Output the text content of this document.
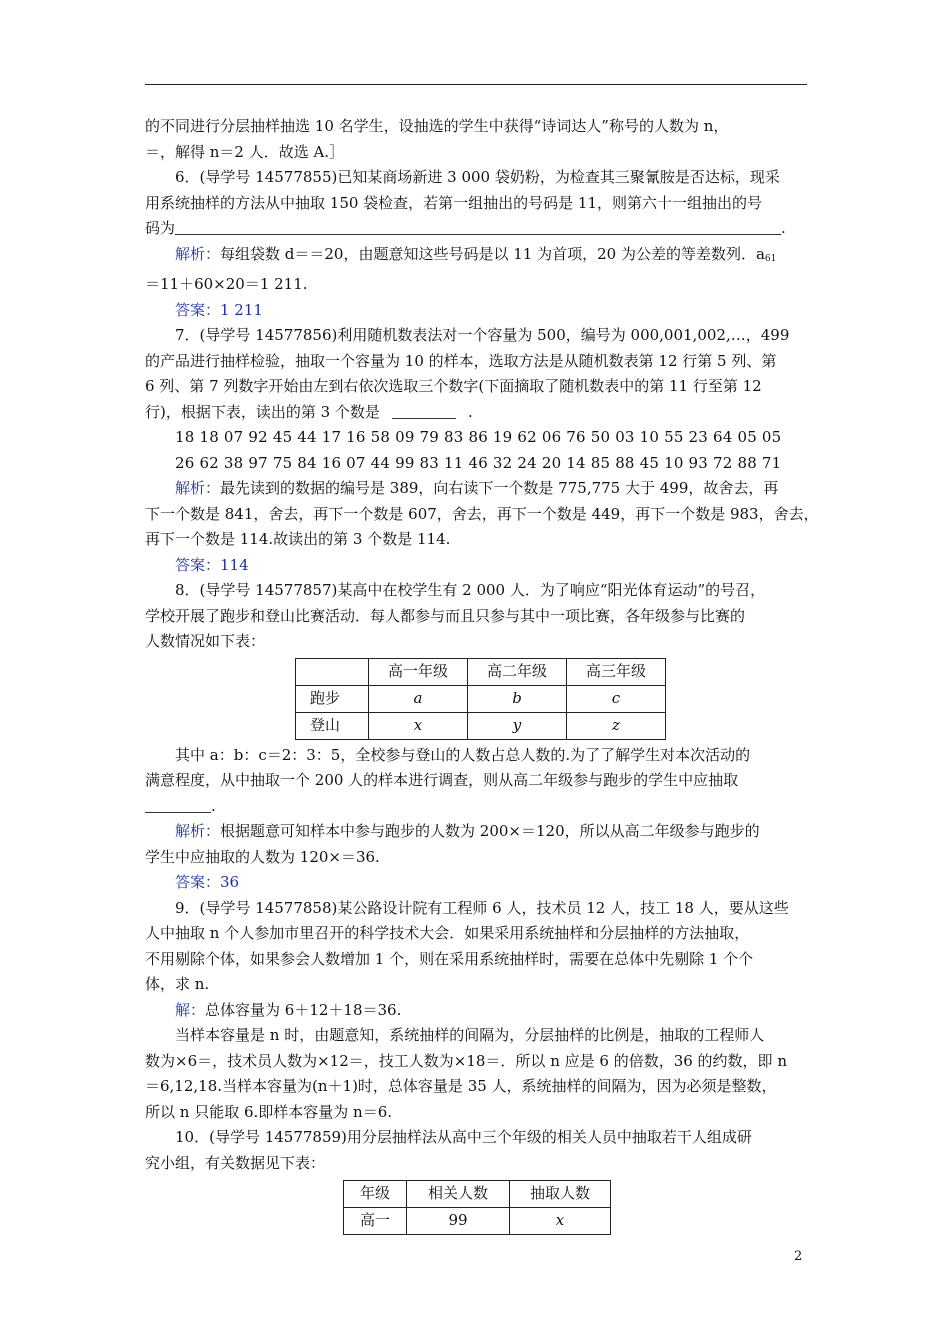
的不同进行分层抽样抽选 10 名学生，设抽选的学生中获得“诗词达人”称号的人数为 n，

＝，解得 n＝2 人．故选 A.］

6．(导学号 14577855)已知某商场新进 3 000 袋奶粉，为检查其三聚氰胺是否达标，现采

用系统抽样的方法从中抽取 150 袋检查，若第一组抽出的号码是 11，则第六十一组抽出的号

码为	.

解析：每组袋数 d＝＝20，由题意知这些号码是以 11 为首项，20 为公差的等差数列．$a_{61}$

＝11＋60×20＝1 211.

答案：1 211

7．(导学号 14577856)利用随机数表法对一个容量为 500，编号为 000,001,002,…，499

的产品进行抽样检验，抽取一个容量为 10 的样本，选取方法是从随机数表第 12 行第 5 列、第

6 列、第 7 列数字开始由左到右依次选取三个数字(下面摘取了随机数表中的第 11 行至第 12

行)，根据下表，读出的第 3 个数是	.

18 18 07 92 45 44 17 16 58 09 79 83 86 19 62 06 76 50 03 10 55 23 64 05 05

26 62 38 97 75 84 16 07 44 99 83 11 46 32 24 20 14 85 88 45 10 93 72 88 71

解析：最先读到的数据的编号是 389，向右读下一个数是 775,775 大于 499，故舍去，再

下一个数是 841，舍去，再下一个数是 607，舍去，再下一个数是 449，再下一个数是 983，舍去，

再下一个数是 114.故读出的第 3 个数是 114.

答案：114

8．(导学号 14577857)某高中在校学生有 2 000 人．为了响应“阳光体育运动”的号召，

学校开展了跑步和登山比赛活动．每人都参与而且只参与其中一项比赛，各年级参与比赛的

人数情况如下表：

	高一年级	高二年级	高三年级
跑步	a	b	c
登山	x	y	z

其中 a：b：c＝2：3：5，全校参与登山的人数占总人数的.为了了解学生对本次活动的

满意程度，从中抽取一个 200 人的样本进行调查，则从高二年级参与跑步的学生中应抽取

.

解析：根据题意可知样本中参与跑步的人数为 200×＝120，所以从高二年级参与跑步的

学生中应抽取的人数为 120×＝36.

答案：36

9．(导学号 14577858)某公路设计院有工程师 6 人，技术员 12 人，技工 18 人，要从这些

人中抽取 n 个人参加市里召开的科学技术大会．如果采用系统抽样和分层抽样的方法抽取，

不用剔除个体，如果参会人数增加 1 个，则在采用系统抽样时，需要在总体中先剔除 1 个个

体，求 n.

解：总体容量为 6＋12＋18＝36.

当样本容量是 n 时，由题意知，系统抽样的间隔为，分层抽样的比例是，抽取的工程师人

数为×6＝，技术员人数为×12＝，技工人数为×18＝．所以 n 应是 6 的倍数，36 的约数，即 n

＝6,12,18.当样本容量为(n＋1)时，总体容量是 35 人，系统抽样的间隔为，因为必须是整数，

所以 n 只能取 6.即样本容量为 n＝6.

10．(导学号 14577859)用分层抽样法从高中三个年级的相关人员中抽取若干人组成研

究小组，有关数据见下表：

年级	相关人数	抽取人数
高一	99	x
2
